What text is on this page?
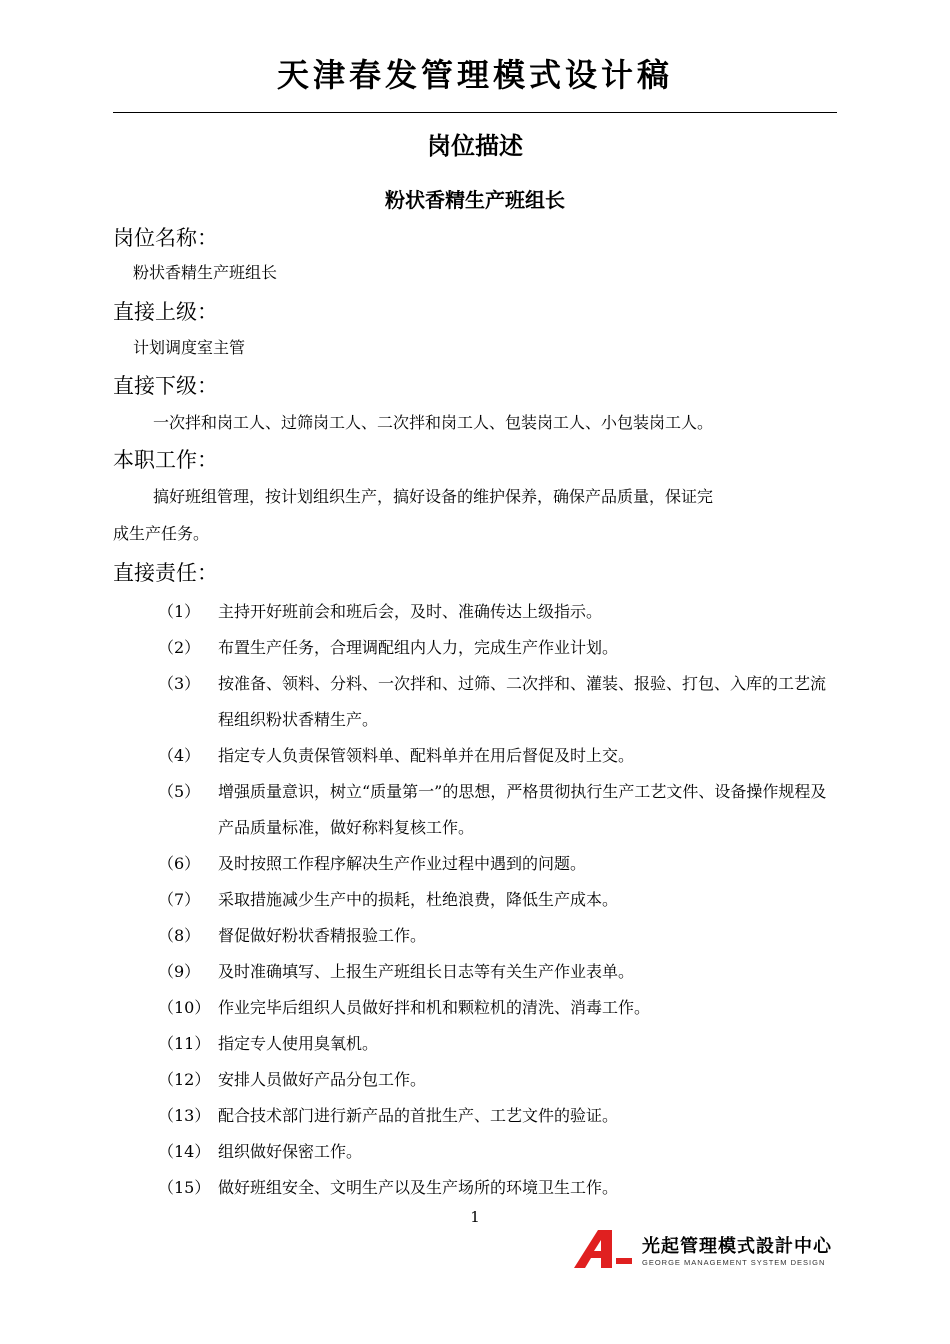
天津春发管理模式设计稿
岗位描述
粉状香精生产班组长

岗位名称：

粉状香精生产班组长

直接上级：

计划调度室主管

直接下级：

一次拌和岗工人、过筛岗工人、二次拌和岗工人、包装岗工人、小包装岗工人。

本职工作：

搞好班组管理，按计划组织生产，搞好设备的维护保养，确保产品质量，保证完

成生产任务。

直接责任：

（1） 主持开好班前会和班后会，及时、准确传达上级指示。
（2） 布置生产任务，合理调配组内人力，完成生产作业计划。
（3） 按准备、领料、分料、一次拌和、过筛、二次拌和、灌装、报验、打包、入库的工艺流程组织粉状香精生产。
（4） 指定专人负责保管领料单、配料单并在用后督促及时上交。
（5） 增强质量意识，树立“质量第一”的思想，严格贯彻执行生产工艺文件、设备操作规程及产品质量标准，做好称料复核工作。
（6） 及时按照工作程序解决生产作业过程中遇到的问题。
（7） 采取措施减少生产中的损耗，杜绝浪费，降低生产成本。
（8） 督促做好粉状香精报验工作。
（9） 及时准确填写、上报生产班组长日志等有关生产作业表单。
（10） 作业完毕后组织人员做好拌和机和颗粒机的清洗、消毒工作。
（11） 指定专人使用臭氧机。
（12） 安排人员做好产品分包工作。
（13） 配合技术部门进行新产品的首批生产、工艺文件的验证。
（14） 组织做好保密工作。
（15） 做好班组安全、文明生产以及生产场所的环境卫生工作。

1

光起管理模式設計中心
GEORGE MANAGEMENT SYSTEM DESIGN
